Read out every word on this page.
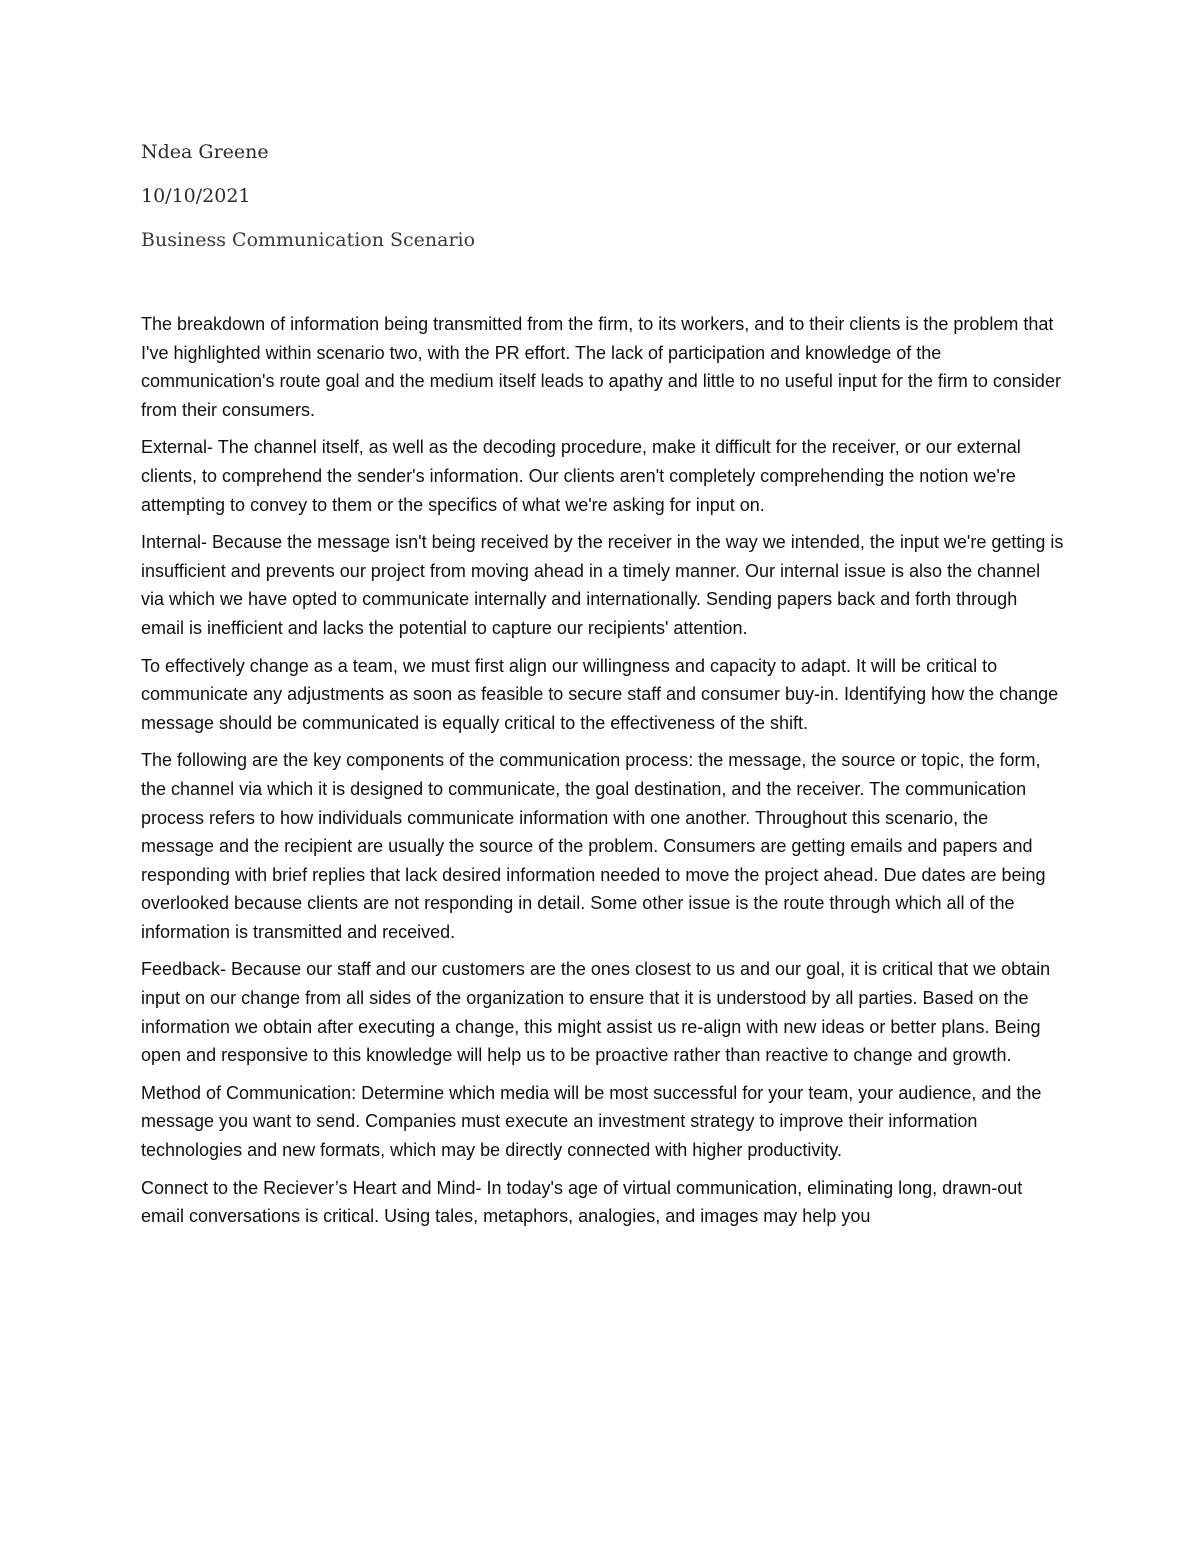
Ndea Greene

10/10/2021

Business Communication Scenario

The breakdown of information being transmitted from the firm, to its workers, and to their clients is the problem that I've highlighted within scenario two, with the PR effort. The lack of participation and knowledge of the communication's route goal and the medium itself leads to apathy and little to no useful input for the firm to consider from their consumers.

External- The channel itself, as well as the decoding procedure, make it difficult for the receiver, or our external clients, to comprehend the sender's information. Our clients aren't completely comprehending the notion we're attempting to convey to them or the specifics of what we're asking for input on.

Internal- Because the message isn't being received by the receiver in the way we intended, the input we're getting is insufficient and prevents our project from moving ahead in a timely manner. Our internal issue is also the channel via which we have opted to communicate internally and internationally. Sending papers back and forth through email is inefficient and lacks the potential to capture our recipients' attention.

To effectively change as a team, we must first align our willingness and capacity to adapt. It will be critical to communicate any adjustments as soon as feasible to secure staff and consumer buy-in. Identifying how the change message should be communicated is equally critical to the effectiveness of the shift.

The following are the key components of the communication process: the message, the source or topic, the form, the channel via which it is designed to communicate, the goal destination, and the receiver. The communication process refers to how individuals communicate information with one another. Throughout this scenario, the message and the recipient are usually the source of the problem. Consumers are getting emails and papers and responding with brief replies that lack desired information needed to move the project ahead. Due dates are being overlooked because clients are not responding in detail. Some other issue is the route through which all of the information is transmitted and received.

Feedback- Because our staff and our customers are the ones closest to us and our goal, it is critical that we obtain input on our change from all sides of the organization to ensure that it is understood by all parties. Based on the information we obtain after executing a change, this might assist us re-align with new ideas or better plans. Being open and responsive to this knowledge will help us to be proactive rather than reactive to change and growth.

Method of Communication: Determine which media will be most successful for your team, your audience, and the message you want to send. Companies must execute an investment strategy to improve their information technologies and new formats, which may be directly connected with higher productivity.

Connect to the Reciever’s Heart and Mind- In today's age of virtual communication, eliminating long, drawn-out email conversations is critical. Using tales, metaphors, analogies, and images may help you
